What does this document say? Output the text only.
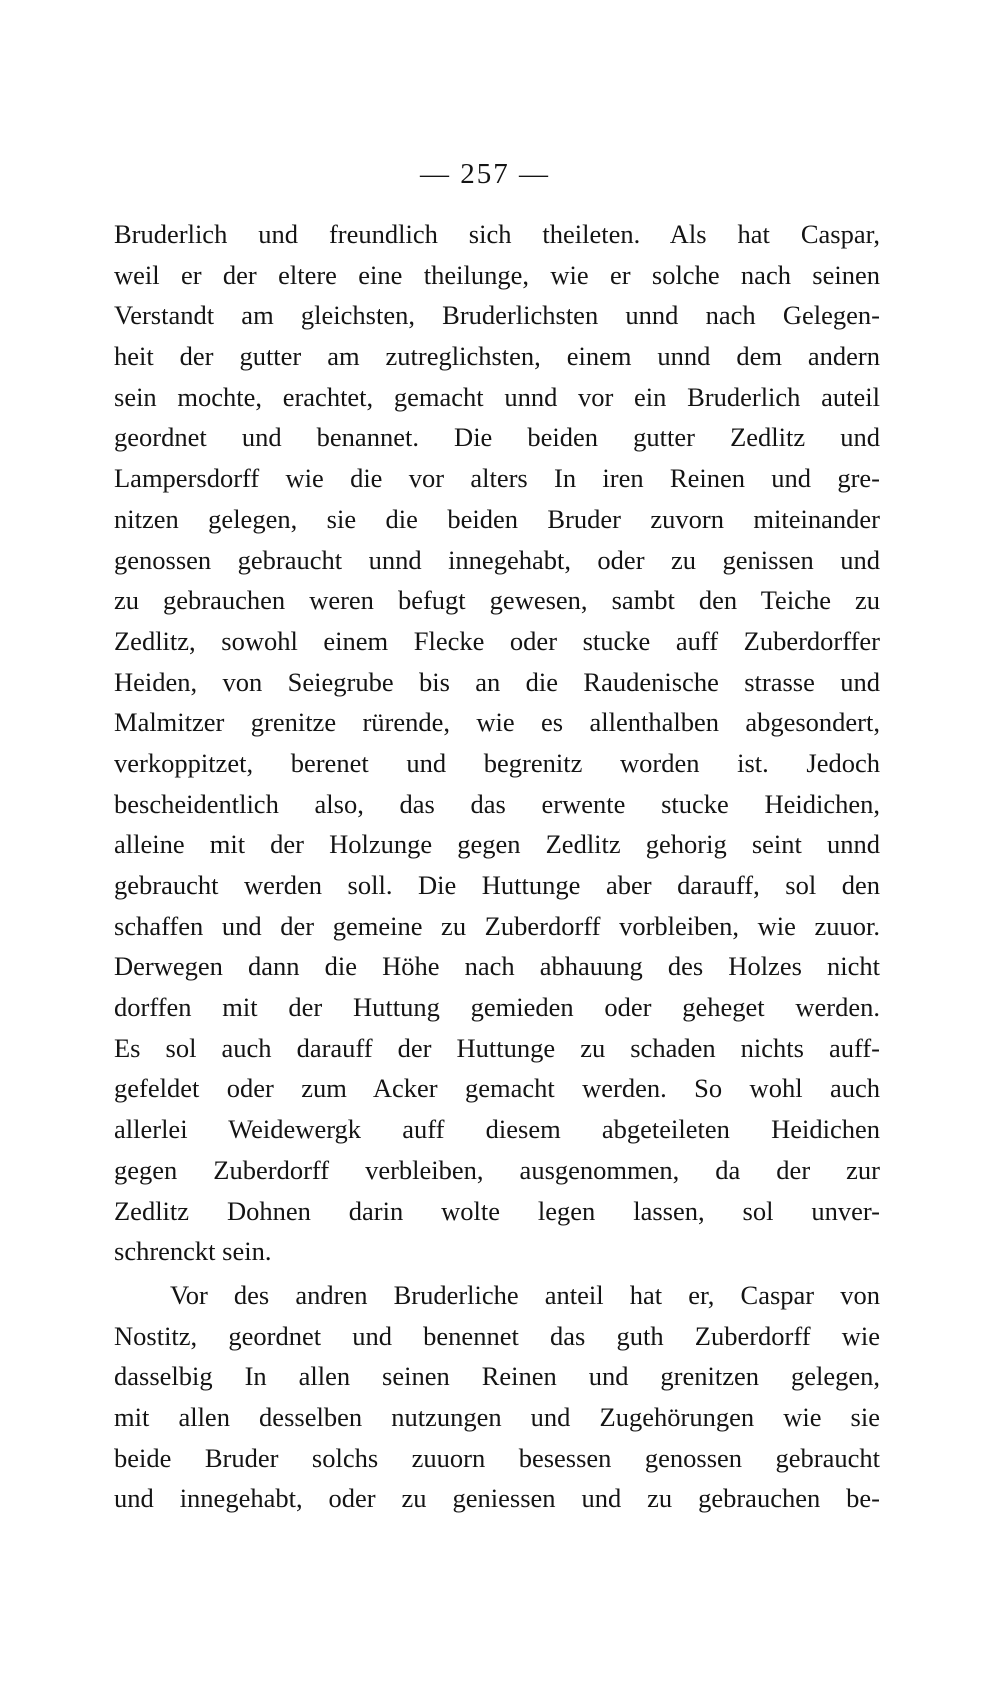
— 257 —
Bruderlich und freundlich sich theileten. Als hat Caspar,
weil er der eltere eine theilunge, wie er solche nach seinen
Verstandt am gleichsten, Bruderlichsten unnd nach Gelegen-
heit der gutter am zutreglichsten, einem unnd dem andern
sein mochte, erachtet, gemacht unnd vor ein Bruderlich auteil
geordnet und benannet. Die beiden gutter Zedlitz und
Lampersdorff wie die vor alters In iren Reinen und gre-
nitzen gelegen, sie die beiden Bruder zuvorn miteinander
genossen gebraucht unnd innegehabt, oder zu genissen und
zu gebrauchen weren befugt gewesen, sambt den Teiche zu
Zedlitz, sowohl einem Flecke oder stucke auff Zuberdorffer
Heiden, von Seiegrube bis an die Raudenische strasse und
Malmitzer grenitze rürende, wie es allenthalben abgesondert,
verkoppitzet, berenet und begrenitz worden ist. Jedoch
bescheidentlich also, das das erwente stucke Heidichen,
alleine mit der Holzunge gegen Zedlitz gehorig seint unnd
gebraucht werden soll. Die Huttunge aber darauff, sol den
schaffen und der gemeine zu Zuberdorff vorbleiben, wie zuuor.
Derwegen dann die Höhe nach abhauung des Holzes nicht
dorffen mit der Huttung gemieden oder geheget werden.
Es sol auch darauff der Huttunge zu schaden nichts auff-
gefeldet oder zum Acker gemacht werden. So wohl auch
allerlei Weidewergk auff diesem abgeteileten Heidichen
gegen Zuberdorff verbleiben, ausgenommen, da der zur
Zedlitz Dohnen darin wolte legen lassen, sol unver-
schrenckt sein.
Vor des andren Bruderliche anteil hat er, Caspar von
Nostitz, geordnet und benennet das guth Zuberdorff wie
dasselbig In allen seinen Reinen und grenitzen gelegen,
mit allen desselben nutzungen und Zugehörungen wie sie
beide Bruder solchs zuuorn besessen genossen gebraucht
und innegehabt, oder zu geniessen und zu gebrauchen be-
